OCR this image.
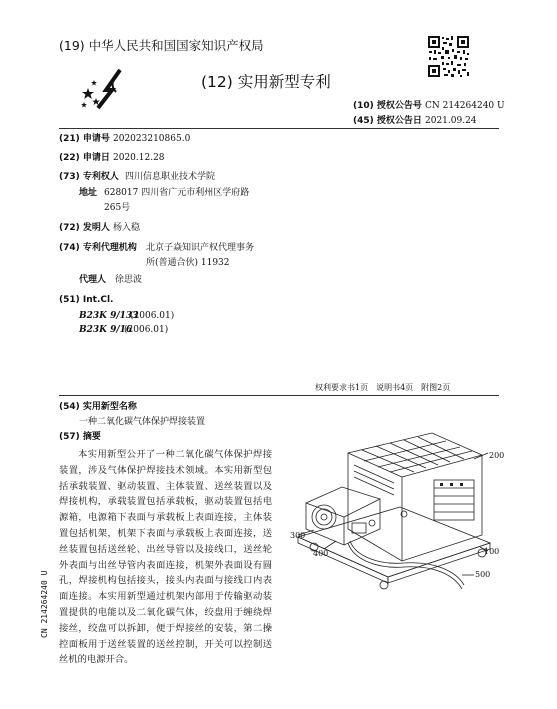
(19) 中华人民共和国国家知识产权局
(12) 实用新型专利
(10) 授权公告号 CN 214264240 U
(45) 授权公告日 2021.09.24
(21) 申请号 202023210865.0
(22) 申请日 2020.12.28
(73) 专利权人 四川信息职业技术学院
地址 628017 四川省广元市利州区学府路
265号
(72) 发明人 杨入稳
(74) 专利代理机构 北京子焱知识产权代理事务
所(普通合伙) 11932
代理人 徐思波
(51) Int.Cl.
B23K 9/133
(2006.01)
B23K 9/16
(2006.01)
权利要求书1页　说明书4页　附图2页
(54) 实用新型名称
一种二氧化碳气体保护焊接装置
(57) 摘要
本实用新型公开了一种二氧化碳气体保护焊接装置，涉及气体保护焊接技术领域。本实用新型包括承载装置、驱动装置、主体装置、送丝装置以及焊接机构，承载装置包括承载板，驱动装置包括电源箱，电源箱下表面与承载板上表面连接，主体装置包括机架，机架下表面与承载板上表面连接，送丝装置包括送丝轮、出丝导管以及接线口，送丝轮外表面与出丝导管内表面连接，机架外表面设有圆孔，焊接机构包括接头，接头内表面与接线口内表面连接。本实用新型通过机架内部用于传输驱动装置提供的电能以及二氧化碳气体，绞盘用于缠绕焊接丝，绞盘可以拆卸，便于焊接丝的安装，第二操控面板用于送丝装置的送丝控制，开关可以控制送丝机的电源开合。
200
300
400	100
500
CN 214264240 U
